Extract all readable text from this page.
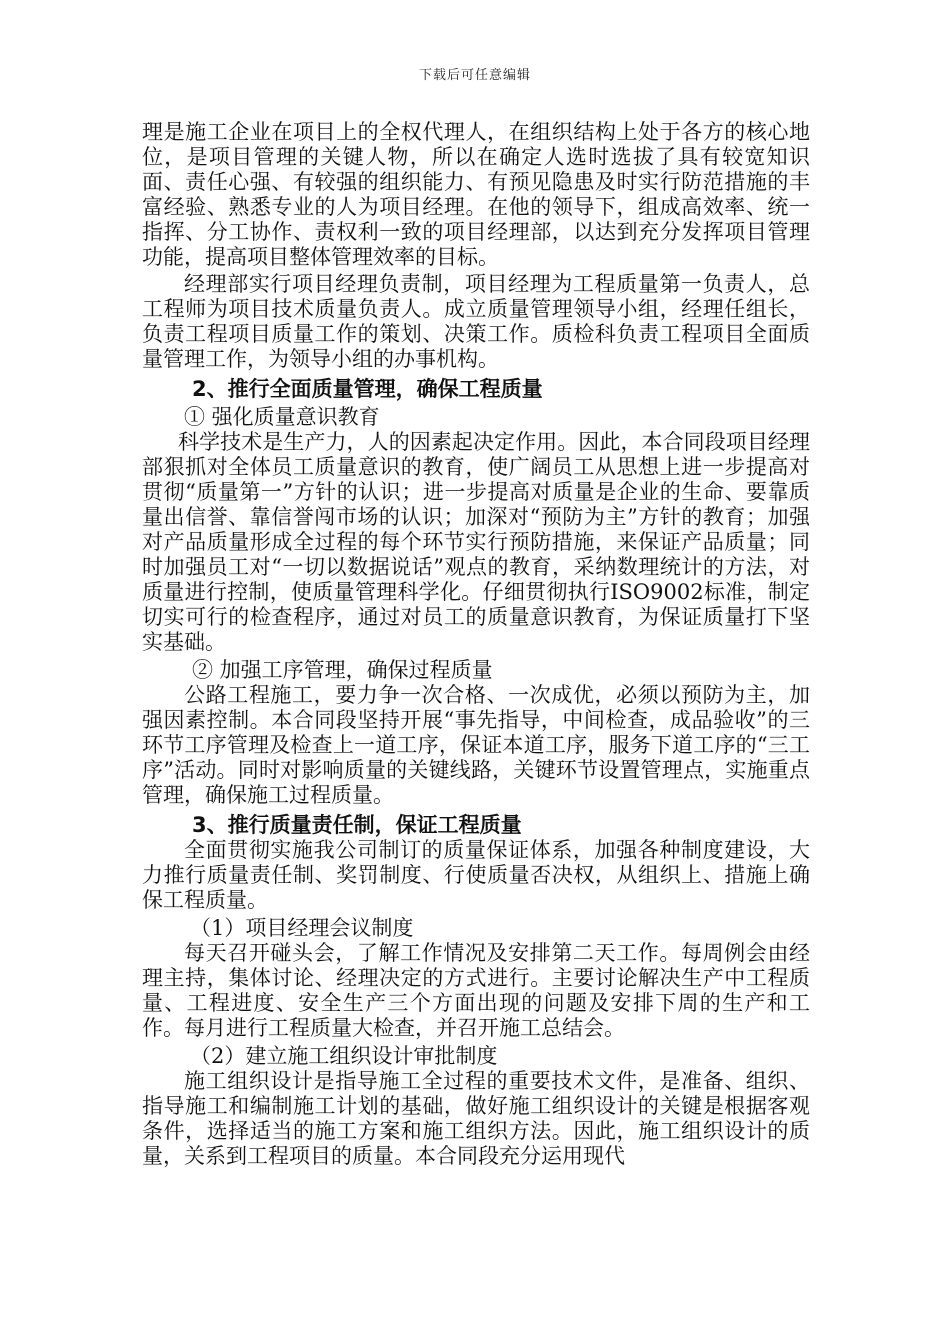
下载后可任意编辑

理是施工企业在项目上的全权代理人，在组织结构上处于各方的核心地位，是项目管理的关键人物，所以在确定人选时选拔了具有较宽知识面、责任心强、有较强的组织能力、有预见隐患及时实行防范措施的丰富经验、熟悉专业的人为项目经理。在他的领导下，组成高效率、统一指挥、分工协作、责权利一致的项目经理部，以达到充分发挥项目管理功能，提高项目整体管理效率的目标。

经理部实行项目经理负责制，项目经理为工程质量第一负责人，总工程师为项目技术质量负责人。成立质量管理领导小组，经理任组长，负责工程项目质量工作的策划、决策工作。质检科负责工程项目全面质量管理工作，为领导小组的办事机构。

2、推行全面质量管理，确保工程质量

① 强化质量意识教育

科学技术是生产力，人的因素起决定作用。因此，本合同段项目经理部狠抓对全体员工质量意识的教育，使广阔员工从思想上进一步提高对贯彻“质量第一”方针的认识；进一步提高对质量是企业的生命、要靠质量出信誉、靠信誉闯市场的认识；加深对“预防为主”方针的教育；加强对产品质量形成全过程的每个环节实行预防措施，来保证产品质量；同时加强员工对“一切以数据说话”观点的教育，采纳数理统计的方法，对质量进行控制，使质量管理科学化。仔细贯彻执行ISO9002标准，制定切实可行的检查程序，通过对员工的质量意识教育，为保证质量打下坚实基础。

② 加强工序管理，确保过程质量

公路工程施工，要力争一次合格、一次成优，必须以预防为主，加强因素控制。本合同段坚持开展“事先指导，中间检查，成品验收”的三环节工序管理及检查上一道工序，保证本道工序，服务下道工序的“三工序”活动。同时对影响质量的关键线路，关键环节设置管理点，实施重点管理，确保施工过程质量。

3、推行质量责任制，保证工程质量

全面贯彻实施我公司制订的质量保证体系，加强各种制度建设，大力推行质量责任制、奖罚制度、行使质量否决权，从组织上、措施上确保工程质量。

（1）项目经理会议制度

每天召开碰头会，了解工作情况及安排第二天工作。每周例会由经理主持，集体讨论、经理决定的方式进行。主要讨论解决生产中工程质量、工程进度、安全生产三个方面出现的问题及安排下周的生产和工作。每月进行工程质量大检查，并召开施工总结会。

（2）建立施工组织设计审批制度

施工组织设计是指导施工全过程的重要技术文件，是准备、组织、指导施工和编制施工计划的基础，做好施工组织设计的关键是根据客观条件，选择适当的施工方案和施工组织方法。因此，施工组织设计的质量，关系到工程项目的质量。本合同段充分运用现代
